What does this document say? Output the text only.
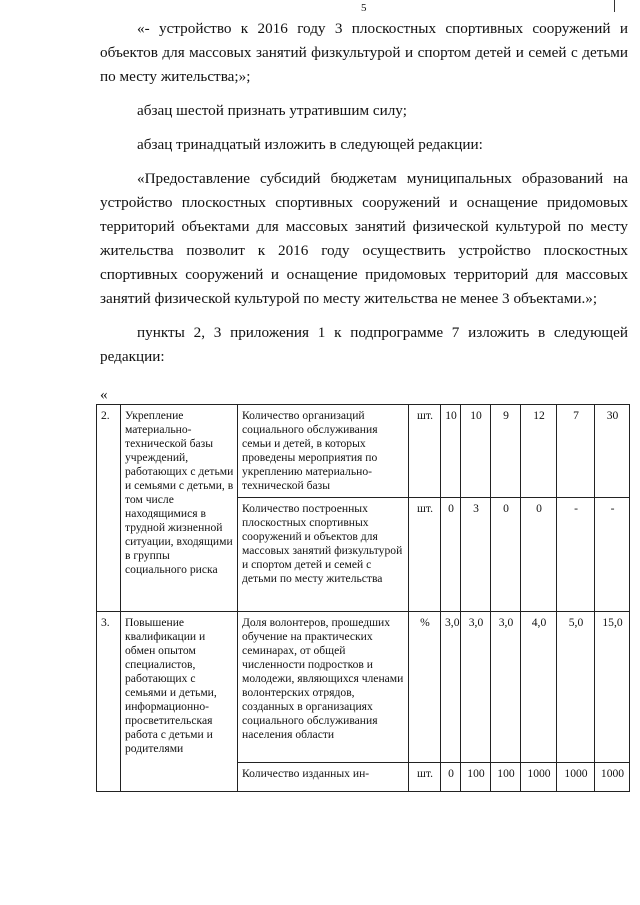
5

«- устройство к 2016 году 3 плоскостных спортивных сооружений и объектов для массовых занятий физкультурой и спортом детей и семей с детьми по месту жительства;»;

абзац шестой признать утратившим силу;

абзац тринадцатый изложить в следующей редакции:

«Предоставление субсидий бюджетам муниципальных образований на устройство плоскостных спортивных сооружений и оснащение придомовых территорий объектами для массовых занятий физической культурой по месту жительства позволит к 2016 году осуществить устройство плоскостных спортивных сооружений и оснащение придомовых территорий для массовых занятий физической культурой по месту жительства не менее 3 объектами.»;

пункты 2, 3 приложения 1 к подпрограмме 7 изложить в следующей редакции:

«
2.	Укрепление материально-технической базы учреждений, работающих с детьми и семьями с детьми, в том числе находящимися в трудной жизненной ситуации, входящими в группы социального риска	Количество организаций социального обслуживания семьи и детей, в которых проведены мероприятия по укреплению материально-технической базы	шт.	10	10	9	12	7	30

		Количество построенных плоскостных спортивных сооружений и объектов для массовых занятий физкультурой и спортом детей и семей с детьми по месту жительства	шт.	0	3	0	0	-	-
3.	Повышение квалификации и обмен опытом специалистов, работающих с семьями и детьми, информационно-просветительская работа с детьми и родителями	Доля волонтеров, прошедших обучение на практических семинарах, от общей численности подростков и молодежи, являющихся членами волонтерских отрядов, созданных в организациях социального обслуживания населения области	%	3,0	3,0	3,0	4,0	5,0	15,0
		Количество изданных ин-	шт.	0	100	100	1000	1000	1000
